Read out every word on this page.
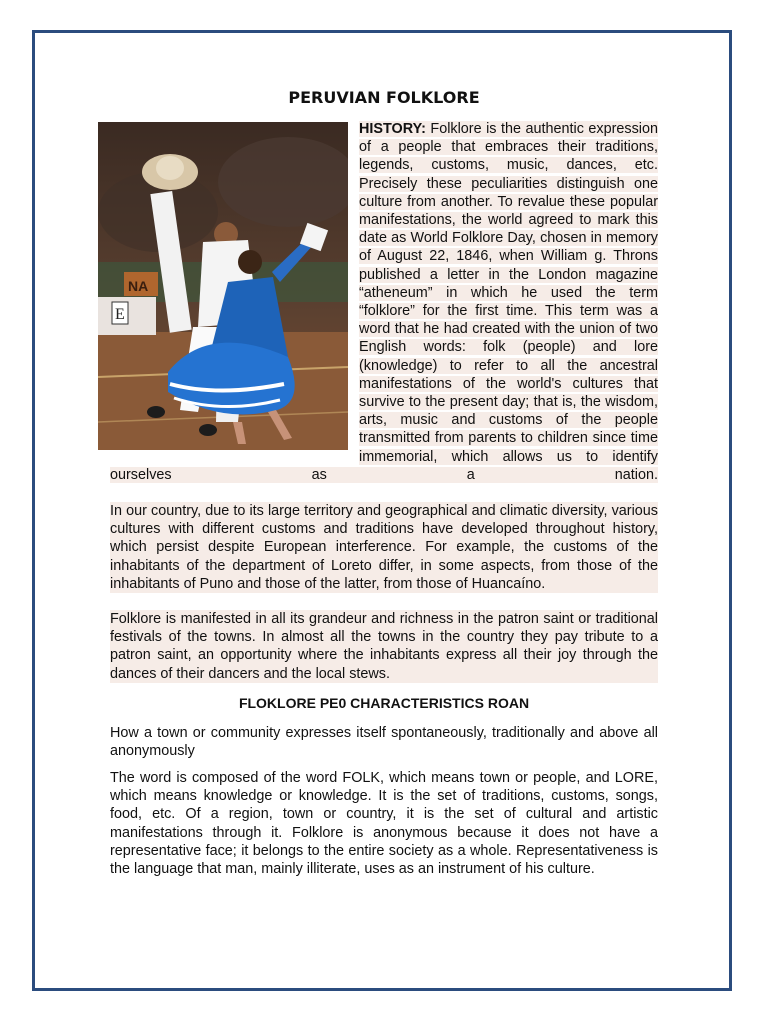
PERUVIAN FOLKLORE
E
NA

HISTORY: Folklore is the authentic expression of a people that embraces their traditions, legends, customs, music, dances, etc. Precisely these peculiarities distinguish one culture from another. To revalue these popular manifestations, the world agreed to mark this date as World Folklore Day, chosen in memory of August 22, 1846, when William g. Throns published a letter in the London magazine “atheneum” in which he used the term “folklore” for the first time. This term was a word that he had created with the union of two English words: folk (people) and lore (knowledge) to refer to all the ancestral manifestations of the world's cultures that survive to the present day; that is, the wisdom, arts, music and customs of the people transmitted from parents to children since time immemorial, which allows us to identify ourselves as a nation.

In our country, due to its large territory and geographical and climatic diversity, various cultures with different customs and traditions have developed throughout history, which persist despite European interference. For example, the customs of the inhabitants of the department of Loreto differ, in some aspects, from those of the inhabitants of Puno and those of the latter, from those of Huancaíno.

Folklore is manifested in all its grandeur and richness in the patron saint or traditional festivals of the towns. In almost all the towns in the country they pay tribute to a patron saint, an opportunity where the inhabitants express all their joy through the dances of their dancers and the local stews.

FLOKLORE PE0 CHARACTERISTICS ROAN

How a town or community expresses itself spontaneously, traditionally and above all anonymously

The word is composed of the word FOLK, which means town or people, and LORE, which means knowledge or knowledge. It is the set of traditions, customs, songs, food, etc. Of a region, town or country, it is the set of cultural and artistic manifestations through it. Folklore is anonymous because it does not have a representative face; it belongs to the entire society as a whole. Representativeness is the language that man, mainly illiterate, uses as an instrument of his culture.
